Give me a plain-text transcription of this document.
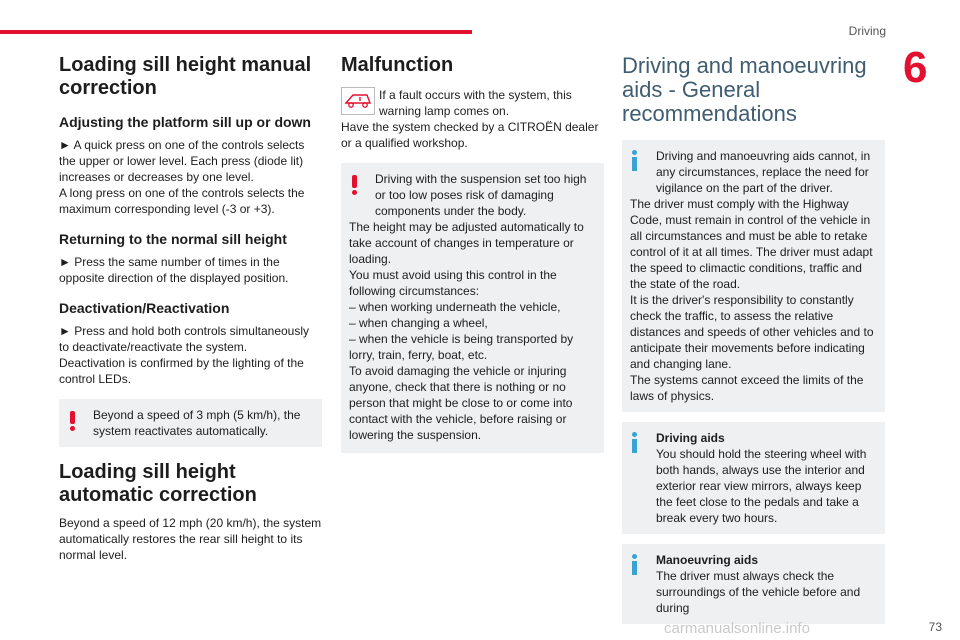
Driving
6
Loading sill height manual correction
Adjusting the platform sill up or down

► A quick press on one of the controls selects the upper or lower level. Each press (diode lit) increases or decreases by one level.

A long press on one of the controls selects the maximum corresponding level (-3 or +3).

Returning to the normal sill height

► Press the same number of times in the opposite direction of the displayed position.

Deactivation/Reactivation

► Press and hold both controls simultaneously to deactivate/reactivate the system.

Deactivation is confirmed by the lighting of the control LEDs.

Beyond a speed of 3 mph (5 km/h), the system reactivates automatically.

Loading sill height automatic correction

Beyond a speed of 12 mph (20 km/h), the system automatically restores the rear sill height to its normal level.

Malfunction

If a fault occurs with the system, this warning lamp comes on.

Have the system checked by a CITROËN dealer or a qualified workshop.

Driving with the suspension set too high or too low poses risk of damaging components under the body.

The height may be adjusted automatically to take account of changes in temperature or loading.

You must avoid using this control in the following circumstances:

– when working underneath the vehicle,

– when changing a wheel,

– when the vehicle is being transported by lorry, train, ferry, boat, etc.

To avoid damaging the vehicle or injuring anyone, check that there is nothing or no person that might be close to or come into contact with the vehicle, before raising or lowering the suspension.

Driving and manoeuvring aids - General recommendations

Driving and manoeuvring aids cannot, in any circumstances, replace the need for vigilance on the part of the driver.

The driver must comply with the Highway Code, must remain in control of the vehicle in all circumstances and must be able to retake control of it at all times. The driver must adapt the speed to climactic conditions, traffic and the state of the road.

It is the driver's responsibility to constantly check the traffic, to assess the relative distances and speeds of other vehicles and to anticipate their movements before indicating and changing lane.

The systems cannot exceed the limits of the laws of physics.

Driving aids

You should hold the steering wheel with both hands, always use the interior and exterior rear view mirrors, always keep the feet close to the pedals and take a break every two hours.

Manoeuvring aids

The driver must always check the surroundings of the vehicle before and during

carmanualsonline.info	73
